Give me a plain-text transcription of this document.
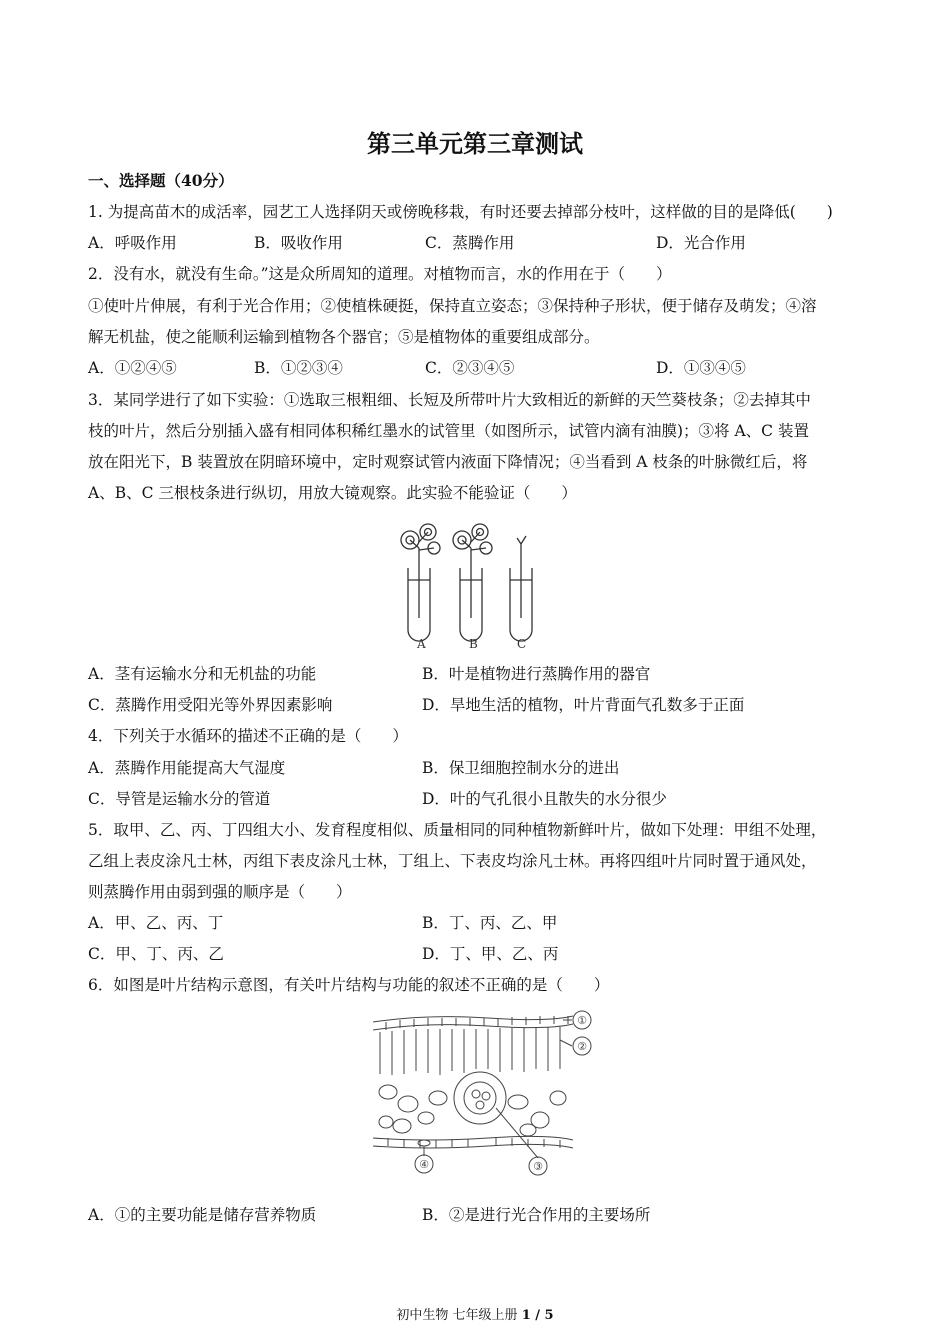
第三单元第三章测试
一、选择题（40分）
1. 为提高苗木的成活率，园艺工人选择阴天或傍晚移栽，有时还要去掉部分枝叶，这样做的目的是降低(　　)
A．呼吸作用	B．吸收作用	C．蒸腾作用	D．光合作用
2．没有水，就没有生命。”这是众所周知的道理。对植物而言，水的作用在于（　　）
①使叶片伸展，有利于光合作用；②使植株硬挺，保持直立姿态；③保持种子形状，便于储存及萌发；④溶
解无机盐，使之能顺利运输到植物各个器官；⑤是植物体的重要组成部分。
A．①②④⑤	B．①②③④	C．②③④⑤	D．①③④⑤
3．某同学进行了如下实验：①选取三根粗细、长短及所带叶片大致相近的新鲜的天竺葵枝条；②去掉其中
枝的叶片，然后分别插入盛有相同体积稀红墨水的试管里（如图所示，试管内滴有油膜)；③将 A、C 装置
放在阳光下，B 装置放在阴暗环境中，定时观察试管内液面下降情况；④当看到 A 枝条的叶脉微红后，将
A、B、C 三根枝条进行纵切，用放大镜观察。此实验不能验证（　　）
A	B	C
A．茎有运输水分和无机盐的功能	B．叶是植物进行蒸腾作用的器官
C．蒸腾作用受阳光等外界因素影响	D．旱地生活的植物，叶片背面气孔数多于正面
4．下列关于水循环的描述不正确的是（　　）
A．蒸腾作用能提高大气湿度	B．保卫细胞控制水分的进出
C．导管是运输水分的管道	D．叶的气孔很小且散失的水分很少
5．取甲、乙、丙、丁四组大小、发育程度相似、质量相同的同种植物新鲜叶片，做如下处理：甲组不处理，
乙组上表皮涂凡士林，丙组下表皮涂凡士林，丁组上、下表皮均涂凡士林。再将四组叶片同时置于通风处，
则蒸腾作用由弱到强的顺序是（　　）
A．甲、乙、丙、丁	B．丁、丙、乙、甲
C．甲、丁、丙、乙	D．丁、甲、乙、丙
6．如图是叶片结构示意图，有关叶片结构与功能的叙述不正确的是（　　）
①
②
③
④
A．①的主要功能是储存营养物质	B．②是进行光合作用的主要场所
初中生物 七年级上册 1 / 5
